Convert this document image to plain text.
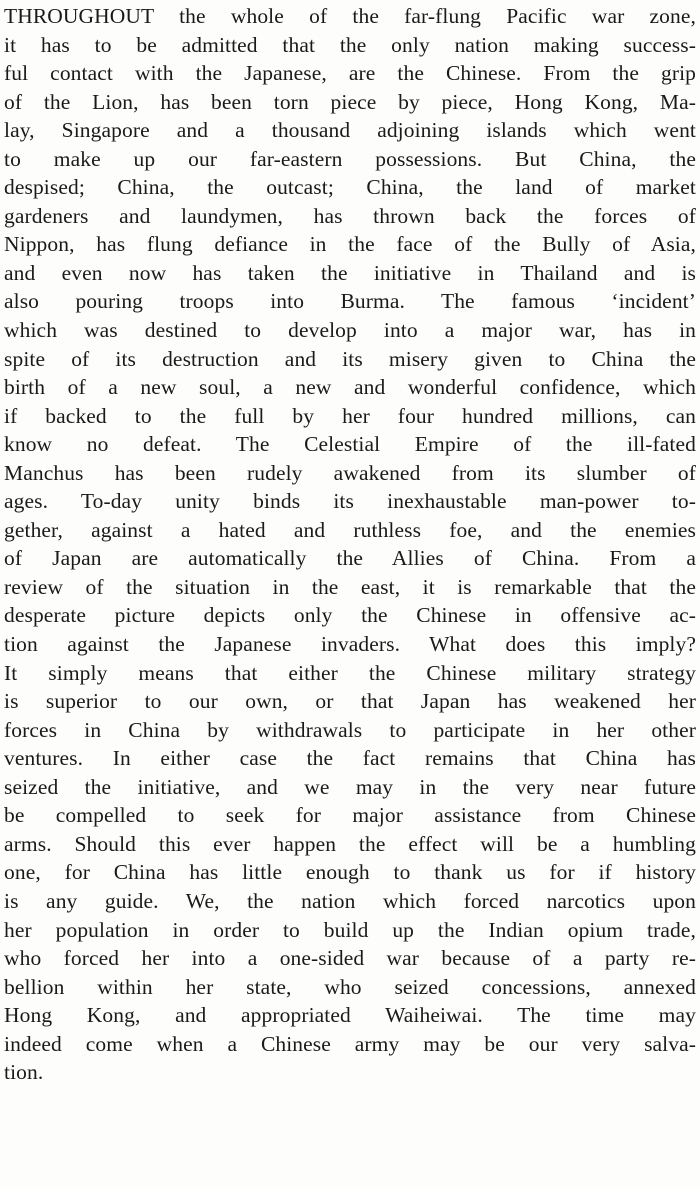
THROUGHOUT the whole of the far-flung Pacific war zone,
it has to be admitted that the only nation making success-
ful contact with the Japanese, are the Chinese. From the grip
of the Lion, has been torn piece by piece, Hong Kong, Ma-
lay, Singapore and a thousand adjoining islands which went
to make up our far-eastern possessions. But China, the
despised; China, the outcast; China, the land of market
gardeners and laundymen, has thrown back the forces of
Nippon, has flung defiance in the face of the Bully of Asia,
and even now has taken the initiative in Thailand and is
also pouring troops into Burma. The famous ‘incident’
which was destined to develop into a major war, has in
spite of its destruction and its misery given to China the
birth of a new soul, a new and wonderful confidence, which
if backed to the full by her four hundred millions, can
know no defeat. The Celestial Empire of the ill-fated
Manchus has been rudely awakened from its slumber of
ages. To-day unity binds its inexhaustable man-power to-
gether, against a hated and ruthless foe, and the enemies
of Japan are automatically the Allies of China. From a
review of the situation in the east, it is remarkable that the
desperate picture depicts only the Chinese in offensive ac-
tion against the Japanese invaders. What does this imply?
It simply means that either the Chinese military strategy
is superior to our own, or that Japan has weakened her
forces in China by withdrawals to participate in her other
ventures. In either case the fact remains that China has
seized the initiative, and we may in the very near future
be compelled to seek for major assistance from Chinese
arms. Should this ever happen the effect will be a humbling
one, for China has little enough to thank us for if history
is any guide. We, the nation which forced narcotics upon
her population in order to build up the Indian opium trade,
who forced her into a one-sided war because of a party re-
bellion within her state, who seized concessions, annexed
Hong Kong, and appropriated Waiheiwai. The time may
indeed come when a Chinese army may be our very salva-
tion.
